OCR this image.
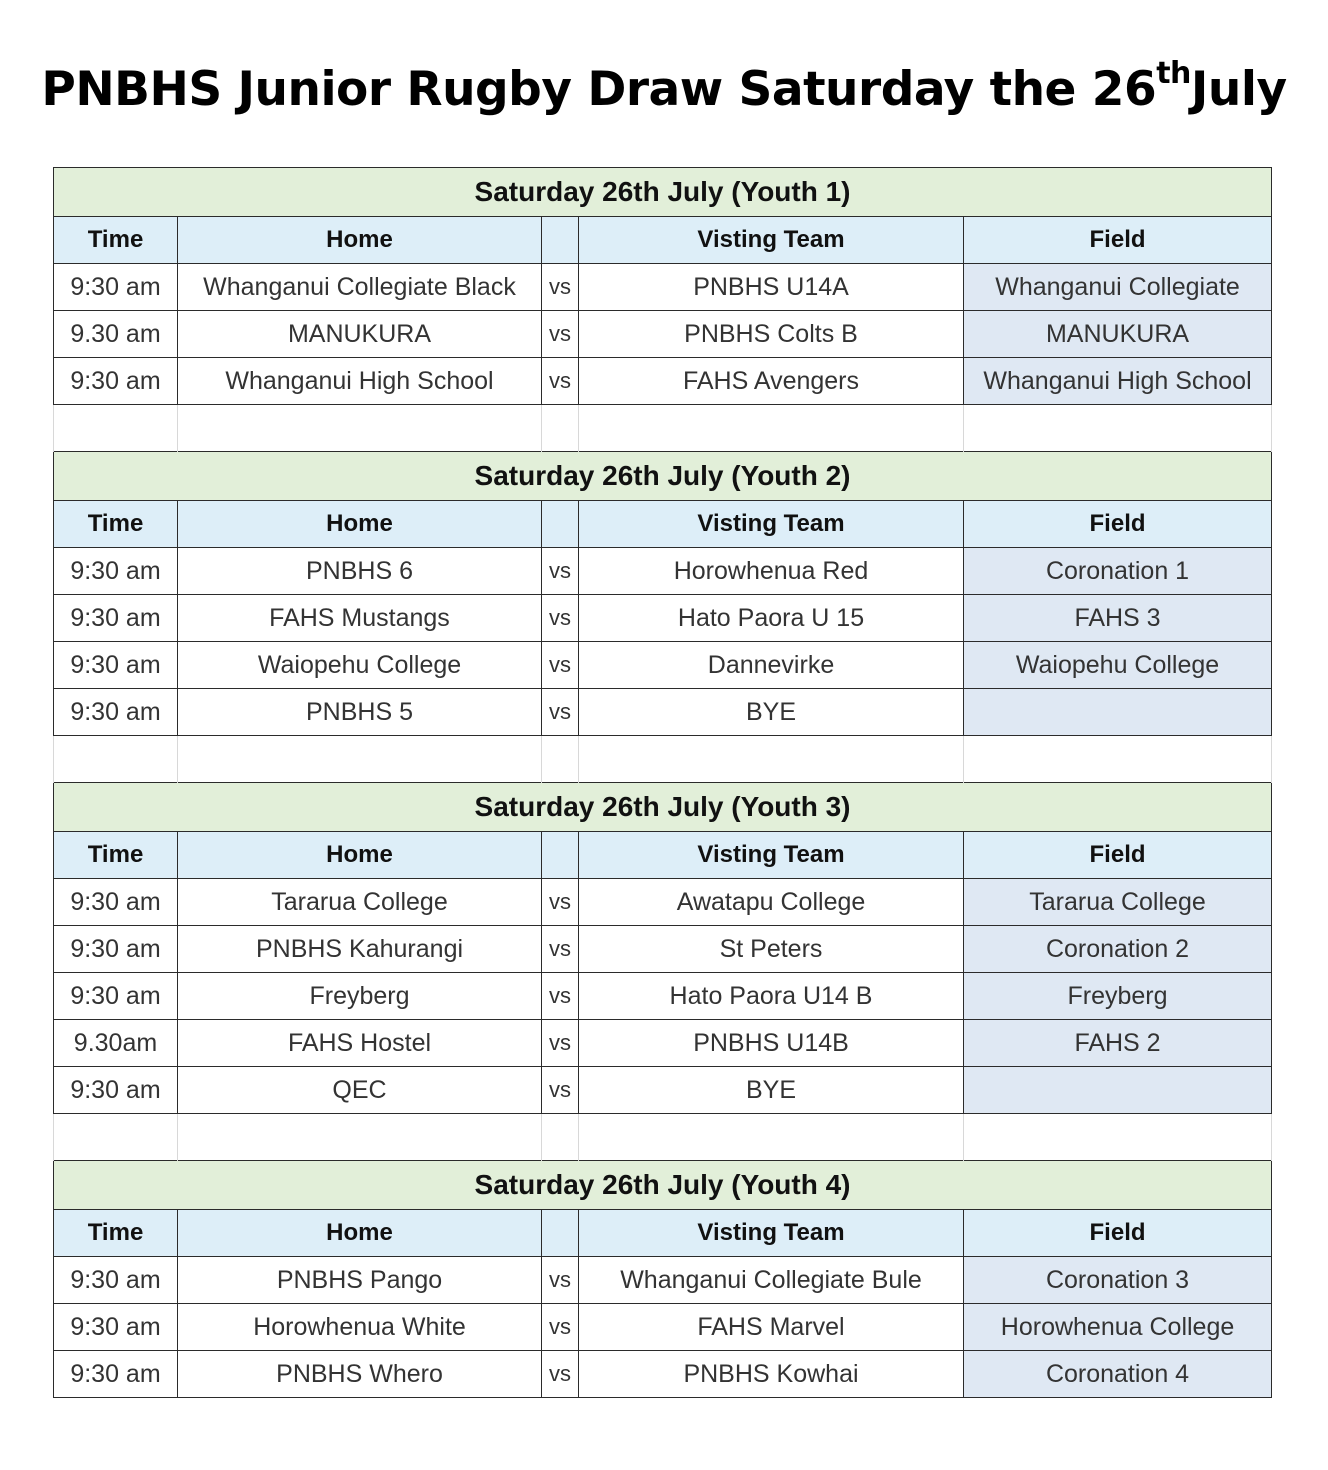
PNBHS Junior Rugby Draw Saturday the 26thJuly
Saturday 26th July (Youth 1)				
Time	Home		Visting Team	Field
9:30 am	Whanganui Collegiate Black	vs	PNBHS U14A	Whanganui Collegiate
9.30 am	MANUKURA	vs	PNBHS Colts B	MANUKURA
9:30 am	Whanganui High School	vs	FAHS Avengers	Whanganui High School

Saturday 26th July (Youth 2)				
Time	Home		Visting Team	Field
9:30 am	PNBHS 6	vs	Horowhenua Red	Coronation 1
9:30 am	FAHS Mustangs	vs	Hato Paora U 15	FAHS 3
9:30 am	Waiopehu College	vs	Dannevirke	Waiopehu College
9:30 am	PNBHS 5	vs	BYE	

Saturday 26th July (Youth 3)				
Time	Home		Visting Team	Field
9:30 am	Tararua College	vs	Awatapu College	Tararua College
9:30 am	PNBHS Kahurangi	vs	St Peters	Coronation 2
9:30 am	Freyberg	vs	Hato Paora U14 B	Freyberg
9.30am	FAHS Hostel	vs	PNBHS U14B	FAHS 2
9:30 am	QEC	vs	BYE	

Saturday 26th July (Youth 4)				
Time	Home		Visting Team	Field
9:30 am	PNBHS Pango	vs	Whanganui Collegiate Bule	Coronation 3
9:30 am	Horowhenua White	vs	FAHS Marvel	Horowhenua College
9:30 am	PNBHS Whero	vs	PNBHS Kowhai	Coronation 4
